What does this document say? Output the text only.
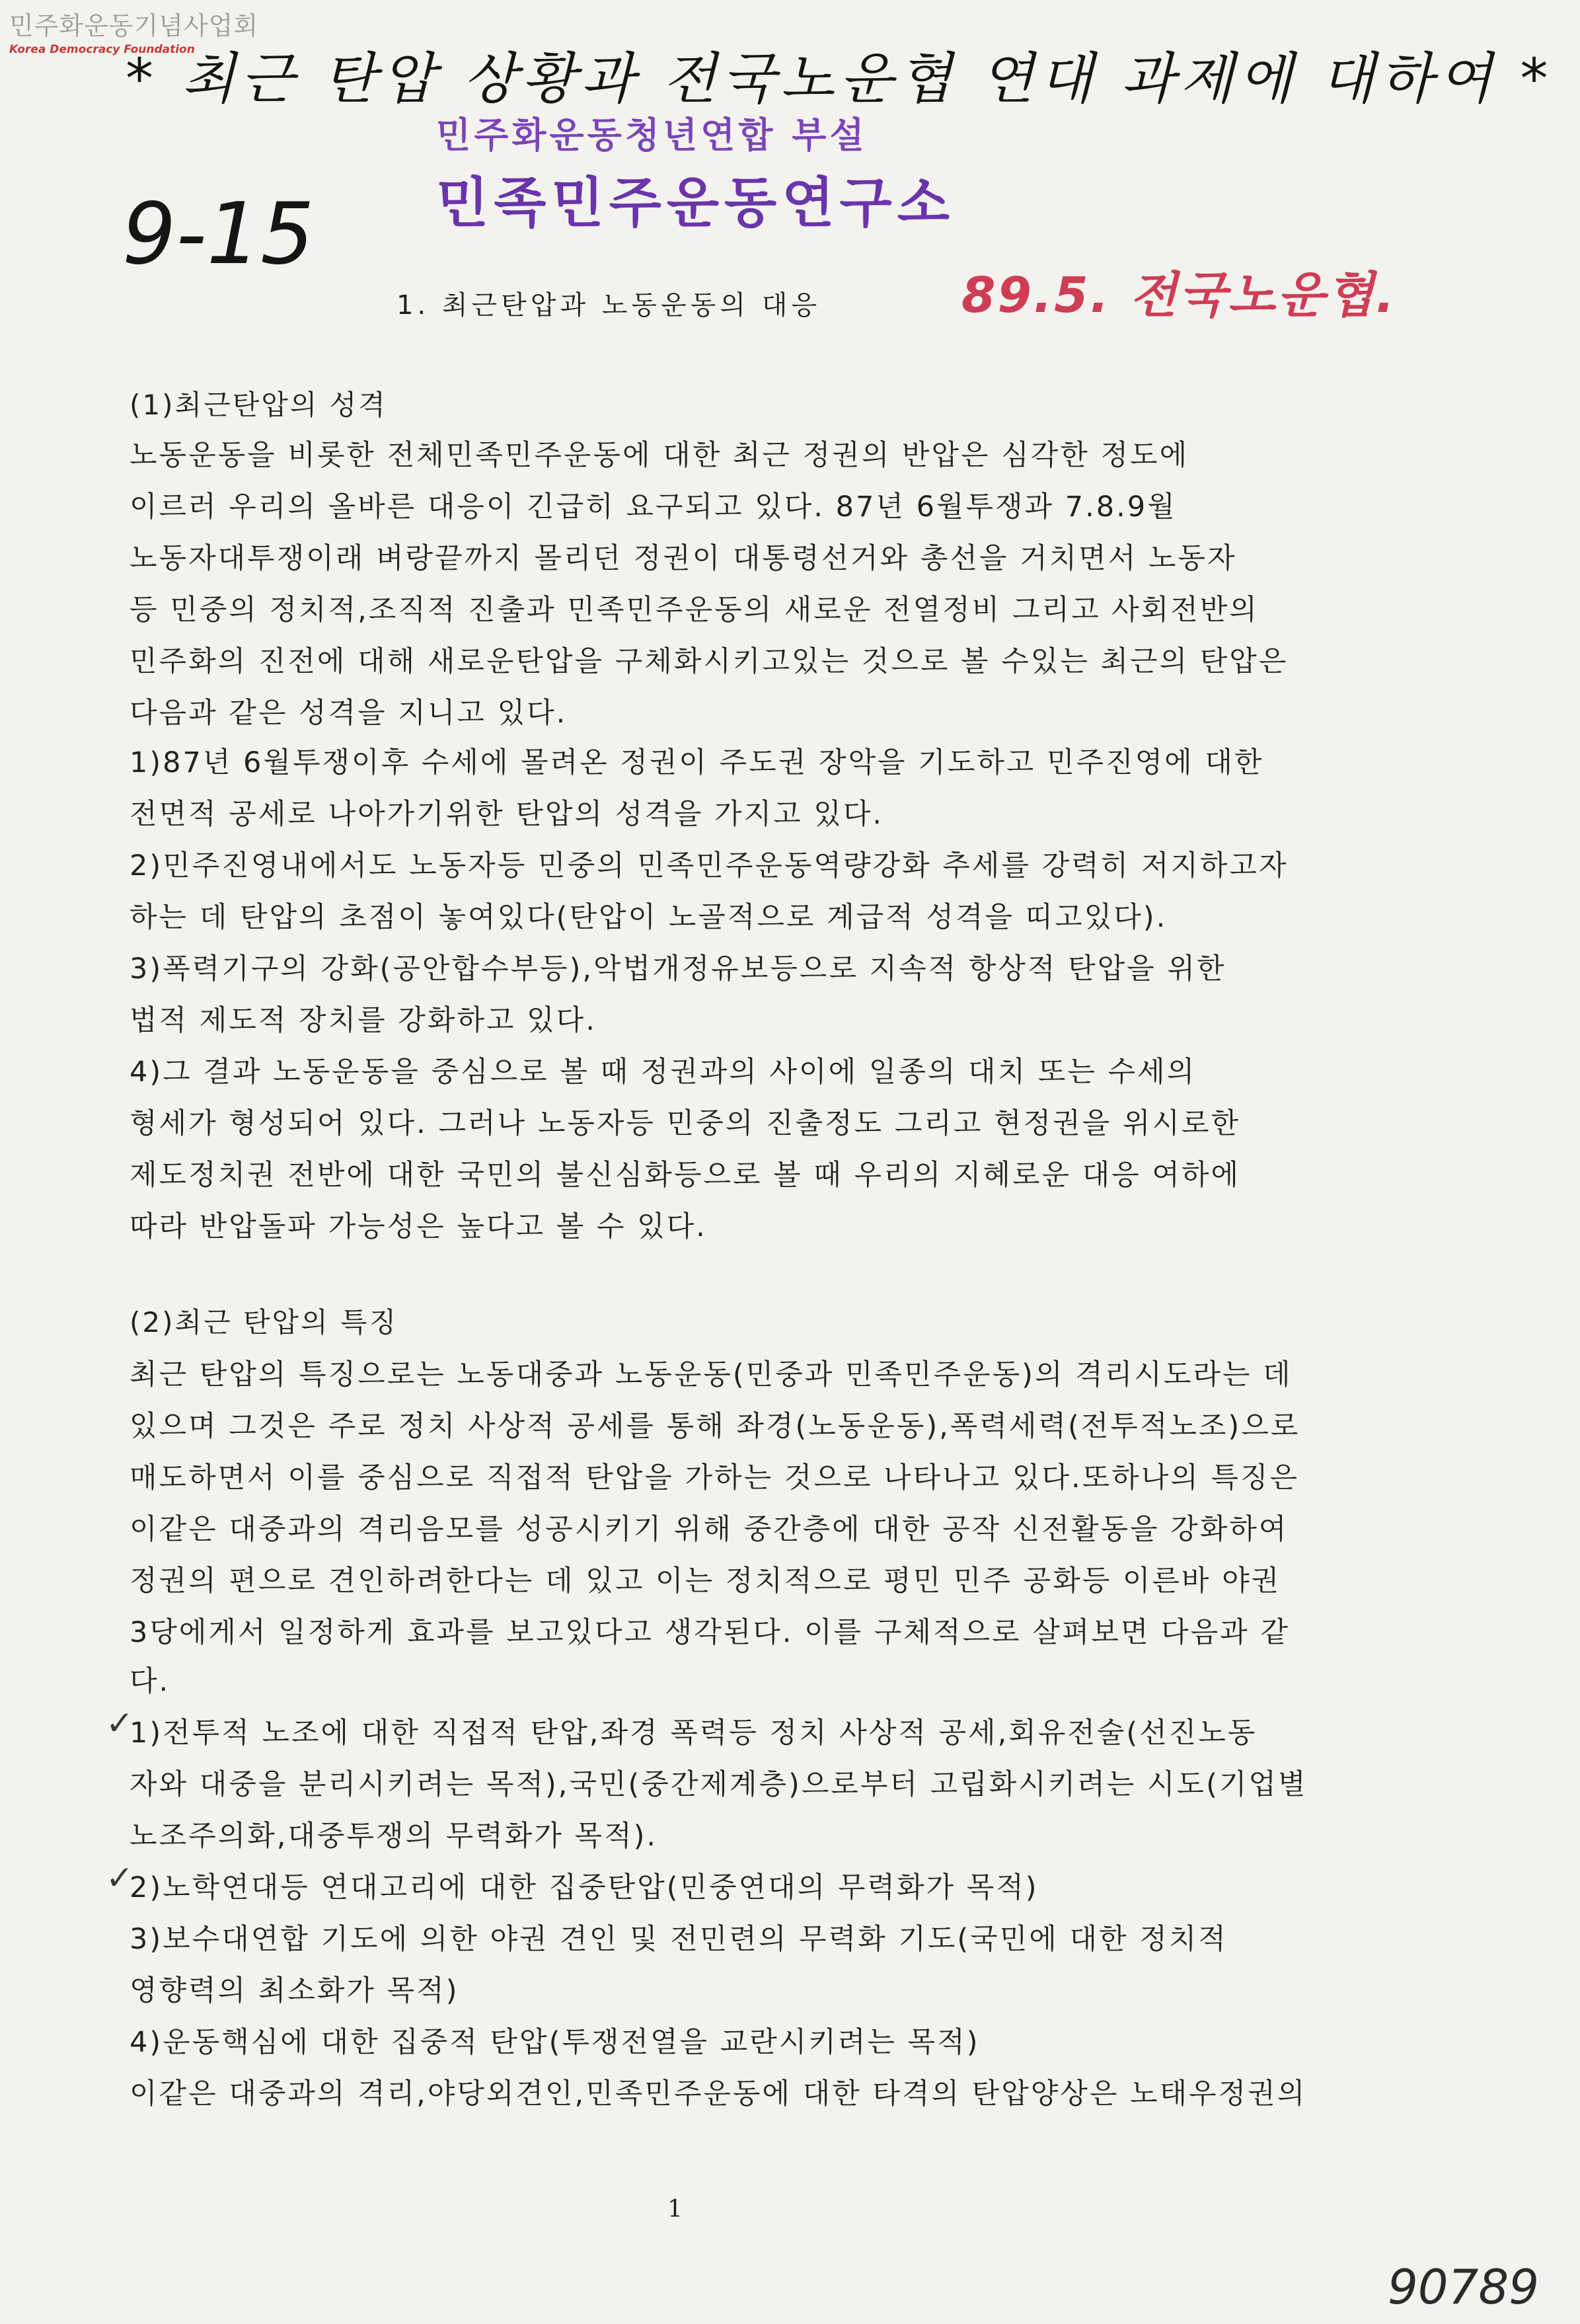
민주화운동기념사업회
Korea Democracy Foundation
* 최근 탄압 상황과 전국노운협 연대 과제에 대하여 *
민주화운동청년연합 부설
민족민주운동연구소
9-15
89.5. 전국노운협.
1. 최근탄압과 노동운동의 대응
(1)최근탄압의 성격
노동운동을 비롯한 전체민족민주운동에 대한 최근 정권의 반압은 심각한 정도에
이르러 우리의 올바른 대응이 긴급히 요구되고 있다. 87년 6월투쟁과 7.8.9월
노동자대투쟁이래 벼랑끝까지 몰리던 정권이 대통령선거와 총선을 거치면서 노동자
등 민중의 정치적,조직적 진출과 민족민주운동의 새로운 전열정비 그리고 사회전반의
민주화의 진전에 대해 새로운탄압을 구체화시키고있는 것으로 볼 수있는 최근의 탄압은
다음과 같은 성격을 지니고 있다.
1)87년 6월투쟁이후 수세에 몰려온 정권이 주도권 장악을 기도하고 민주진영에 대한
전면적 공세로 나아가기위한 탄압의 성격을 가지고 있다.
2)민주진영내에서도 노동자등 민중의 민족민주운동역량강화 추세를 강력히 저지하고자
하는 데 탄압의 초점이 놓여있다(탄압이 노골적으로 계급적 성격을 띠고있다).
3)폭력기구의 강화(공안합수부등),악법개정유보등으로 지속적 항상적 탄압을 위한
법적 제도적 장치를 강화하고 있다.
4)그 결과 노동운동을 중심으로 볼 때 정권과의 사이에 일종의 대치 또는 수세의
형세가 형성되어 있다. 그러나 노동자등 민중의 진출정도 그리고 현정권을 위시로한
제도정치권 전반에 대한 국민의 불신심화등으로 볼 때 우리의 지혜로운 대응 여하에
따라 반압돌파 가능성은 높다고 볼 수 있다.
(2)최근 탄압의 특징
최근 탄압의 특징으로는 노동대중과 노동운동(민중과 민족민주운동)의 격리시도라는 데
있으며 그것은 주로 정치 사상적 공세를 통해 좌경(노동운동),폭력세력(전투적노조)으로
매도하면서 이를 중심으로 직접적 탄압을 가하는 것으로 나타나고 있다.또하나의 특징은
이같은 대중과의 격리음모를 성공시키기 위해 중간층에 대한 공작 신전활동을 강화하여
정권의 편으로 견인하려한다는 데 있고 이는 정치적으로 평민 민주 공화등 이른바 야권
3당에게서 일정하게 효과를 보고있다고 생각된다. 이를 구체적으로 살펴보면 다음과 같
다.
1)전투적 노조에 대한 직접적 탄압,좌경 폭력등 정치 사상적 공세,회유전술(선진노동
자와 대중을 분리시키려는 목적),국민(중간제계층)으로부터 고립화시키려는 시도(기업별
노조주의화,대중투쟁의 무력화가 목적).
2)노학연대등 연대고리에 대한 집중탄압(민중연대의 무력화가 목적)
3)보수대연합 기도에 의한 야권 견인 및 전민련의 무력화 기도(국민에 대한 정치적
영향력의 최소화가 목적)
4)운동핵심에 대한 집중적 탄압(투쟁전열을 교란시키려는 목적)
이같은 대중과의 격리,야당외견인,민족민주운동에 대한 타격의 탄압양상은 노태우정권의
✓
✓
1
90789
